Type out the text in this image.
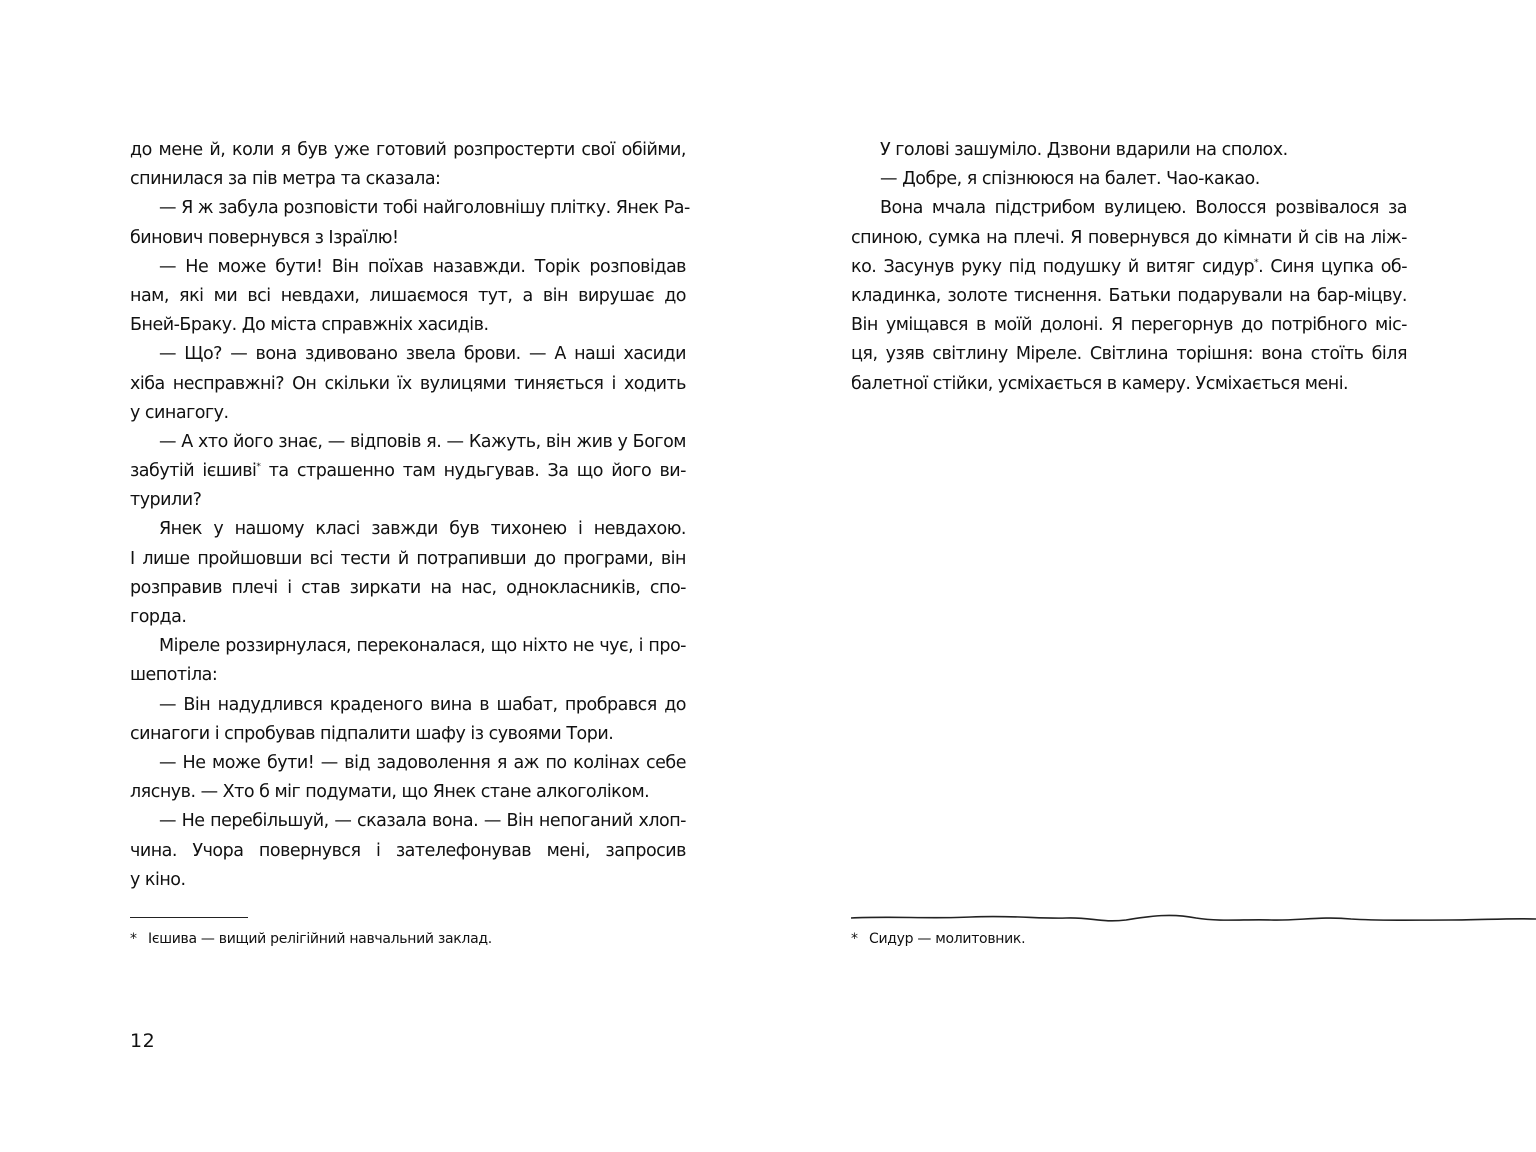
до мене й, коли я був уже готовий розпростерти свої обійми,
спинилася за пів метра та сказала:
— Я ж забула розповісти тобі найголовнішу плітку. Янек Ра-
бинович повернувся з Ізраїлю!
— Не може бути! Він поїхав назавжди. Торік розповідав
нам, які ми всі невдахи, лишаємося тут, а він вирушає до
Бней-Браку. До міста справжніх хасидів.
— Що? — вона здивовано звела брови. — А наші хасиди
хіба несправжні? Он скільки їх вулицями тиняється і ходить
у синагогу.
— А хто його знає, — відповів я. — Кажуть, він жив у Богом
забутій ієшиві* та страшенно там нудьгував. За що його ви-
турили?
Янек у нашому класі завжди був тихонею і невдахою.
І лише пройшовши всі тести й потрапивши до програми, він
розправив плечі і став зиркати на нас, однокласників, спо-
горда.
Мірелe роззирнулася, переконалася, що ніхто не чує, і про-
шепотіла:
— Він надудлився краденого вина в шабат, пробрався до
синагоги і спробував підпалити шафу із сувоями Тори.
— Не може бути! — від задоволення я аж по колінах себе
ляснув. — Хто б міг подумати, що Янек стане алкоголіком.
— Не перебільшуй, — сказала вона. — Він непоганий хлоп-
чина. Учора повернувся і зателефонував мені, запросив
у кіно.
* Ієшива — вищий релігійний навчальний заклад.
12
У голові зашуміло. Дзвони вдарили на сполох.
— Добре, я спізнююся на балет. Чао-какао.
Вона мчала підстрибом вулицею. Волосся розвівалося за
спиною, сумка на плечі. Я повернувся до кімнати й сів на ліж-
ко. Засунув руку під подушку й витяг сидур*. Синя цупка об-
кладинка, золоте тиснення. Батьки подарували на бар-міцву.
Він уміщався в моїй долоні. Я перегорнув до потрібного міс-
ця, узяв світлину Мірелe. Світлина торішня: вона стоїть біля
балетної стійки, усміхається в камеру. Усміхається мені.
* Сидур — молитовник.
